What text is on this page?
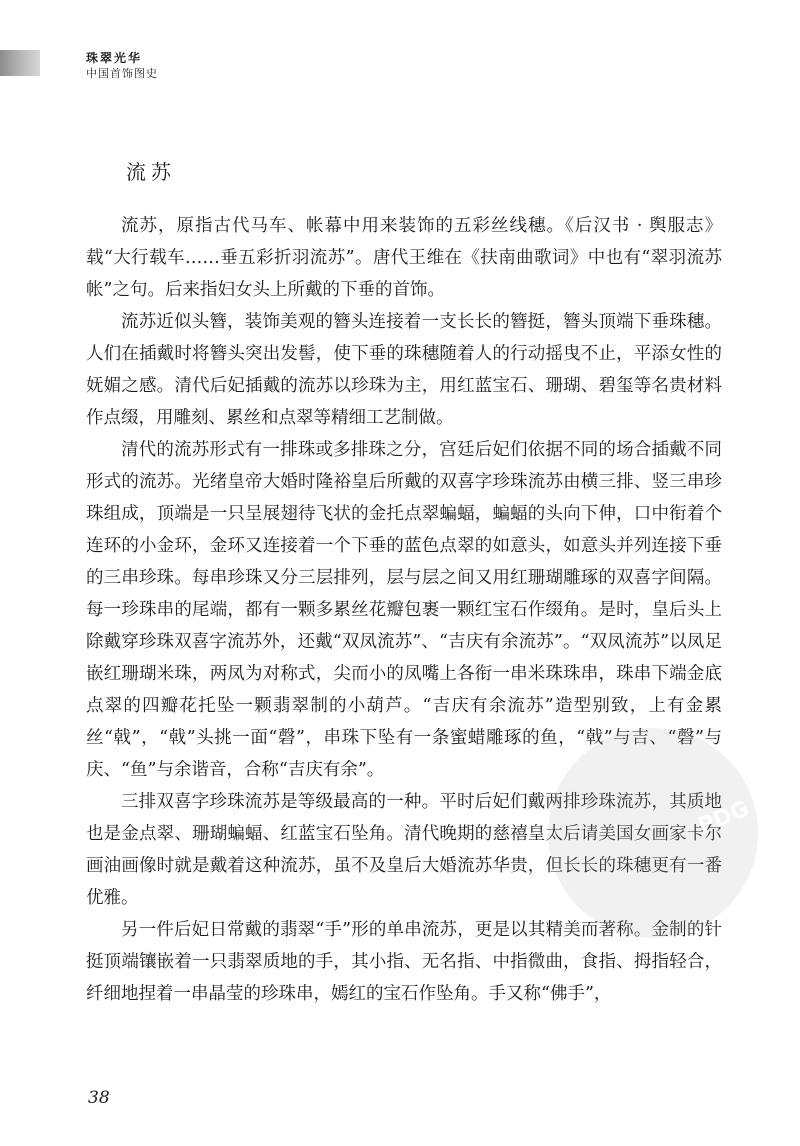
珠翠光华
中国首饰图史
流苏

流苏，原指古代马车、帐幕中用来装饰的五彩丝线穗。《后汉书 · 舆服志》载“大行载车……垂五彩折羽流苏”。唐代王维在《扶南曲歌词》中也有“翠羽流苏帐”之句。后来指妇女头上所戴的下垂的首饰。

流苏近似头簪，装饰美观的簪头连接着一支长长的簪挺，簪头顶端下垂珠穗。人们在插戴时将簪头突出发髻，使下垂的珠穗随着人的行动摇曳不止，平添女性的妩媚之感。清代后妃插戴的流苏以珍珠为主，用红蓝宝石、珊瑚、碧玺等名贵材料作点缀，用雕刻、累丝和点翠等精细工艺制做。

清代的流苏形式有一排珠或多排珠之分，宫廷后妃们依据不同的场合插戴不同形式的流苏。光绪皇帝大婚时隆裕皇后所戴的双喜字珍珠流苏由横三排、竖三串珍珠组成，顶端是一只呈展翅待飞状的金托点翠蝙蝠，蝙蝠的头向下伸，口中衔着个连环的小金环，金环又连接着一个下垂的蓝色点翠的如意头，如意头并列连接下垂的三串珍珠。每串珍珠又分三层排列，层与层之间又用红珊瑚雕琢的双喜字间隔。每一珍珠串的尾端，都有一颗多累丝花瓣包裹一颗红宝石作缀角。是时，皇后头上除戴穿珍珠双喜字流苏外，还戴“双凤流苏”、“吉庆有余流苏”。“双凤流苏”以凤足嵌红珊瑚米珠，两凤为对称式，尖而小的凤嘴上各衔一串米珠珠串，珠串下端金底点翠的四瓣花托坠一颗翡翠制的小葫芦。“吉庆有余流苏”造型别致，上有金累丝“戟”，“戟”头挑一面“磬”，串珠下坠有一条蜜蜡雕琢的鱼，“戟”与吉、“磬”与庆、“鱼”与余谐音，合称“吉庆有余”。

三排双喜字珍珠流苏是等级最高的一种。平时后妃们戴两排珍珠流苏，其质地也是金点翠、珊瑚蝙蝠、红蓝宝石坠角。清代晚期的慈禧皇太后请美国女画家卡尔画油画像时就是戴着这种流苏，虽不及皇后大婚流苏华贵，但长长的珠穗更有一番优雅。

另一件后妃日常戴的翡翠“手”形的单串流苏，更是以其精美而著称。金制的针挺顶端镶嵌着一只翡翠质地的手，其小指、无名指、中指微曲，食指、拇指轻合，纤细地捏着一串晶莹的珍珠串，嫣红的宝石作坠角。手又称“佛手”，

PDG
38
